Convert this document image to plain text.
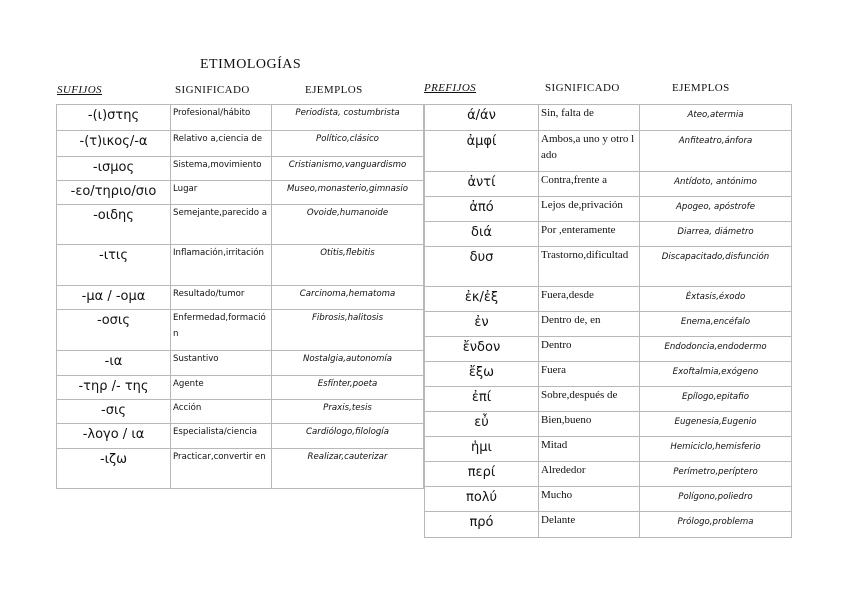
ETIMOLOGÍAS
SUFIJOS	SIGNIFICADO	EJEMPLOS	PREFIJOS	SIGNIFICADO	EJEMPLOS
-(ι)στης	Profesional/hábito	Periodista, costumbrista
-(τ)ικος/-α	Relativo a,ciencia de	Político,clásico
-ισμος	Sistema,movimiento	Cristianismo,vanguardismo
-εο/τηριο/σιο	Lugar	Museo,monasterio,gimnasio
-οιδης	Semejante,parecido a	Ovoide,humanoide
-ιτις	Inflamación,irritación	Otitis,flebitis
-μα / -ομα	Resultado/tumor	Carcinoma,hematoma
-οσις	Enfermedad,formación	Fibrosis,halitosis
-ια	Sustantivo	Nostalgia,autonomía
-τηρ /- της	Agente	Esfínter,poeta
-σις	Acción	Praxis,tesis
-λογο / ια	Especialista/ciencia	Cardiólogo,filología
-ιζω	Practicar,convertir en	Realizar,cauterizar
ά/άν	Sin, falta de	Ateo,atermia
ἀμφί	Ambos,a uno y otro lado	Anfiteatro,ánfora
ἀντί	Contra,frente a	Antídoto, antónimo
ἀπό	Lejos de,privación	Apogeo, apóstrofe
διά	Por ,enteramente	Diarrea, diámetro
δυσ	Trastorno,dificultad	Discapacitado,disfunción
ἐκ/ἐξ	Fuera,desde	Éxtasis,éxodo
ἐν	Dentro de, en	Enema,encéfalo
ἔνδον	Dentro	Endodoncia,endodermo
ἔξω	Fuera	Exoftalmia,exógeno
ἐπί	Sobre,después de	Epílogo,epitafio
εὖ	Bien,bueno	Eugenesia,Eugenio
ἡμι	Mitad	Hemiciclo,hemisferio
περί	Alrededor	Perímetro,períptero
πολύ	Mucho	Polígono,poliedro
πρό	Delante	Prólogo,problema
